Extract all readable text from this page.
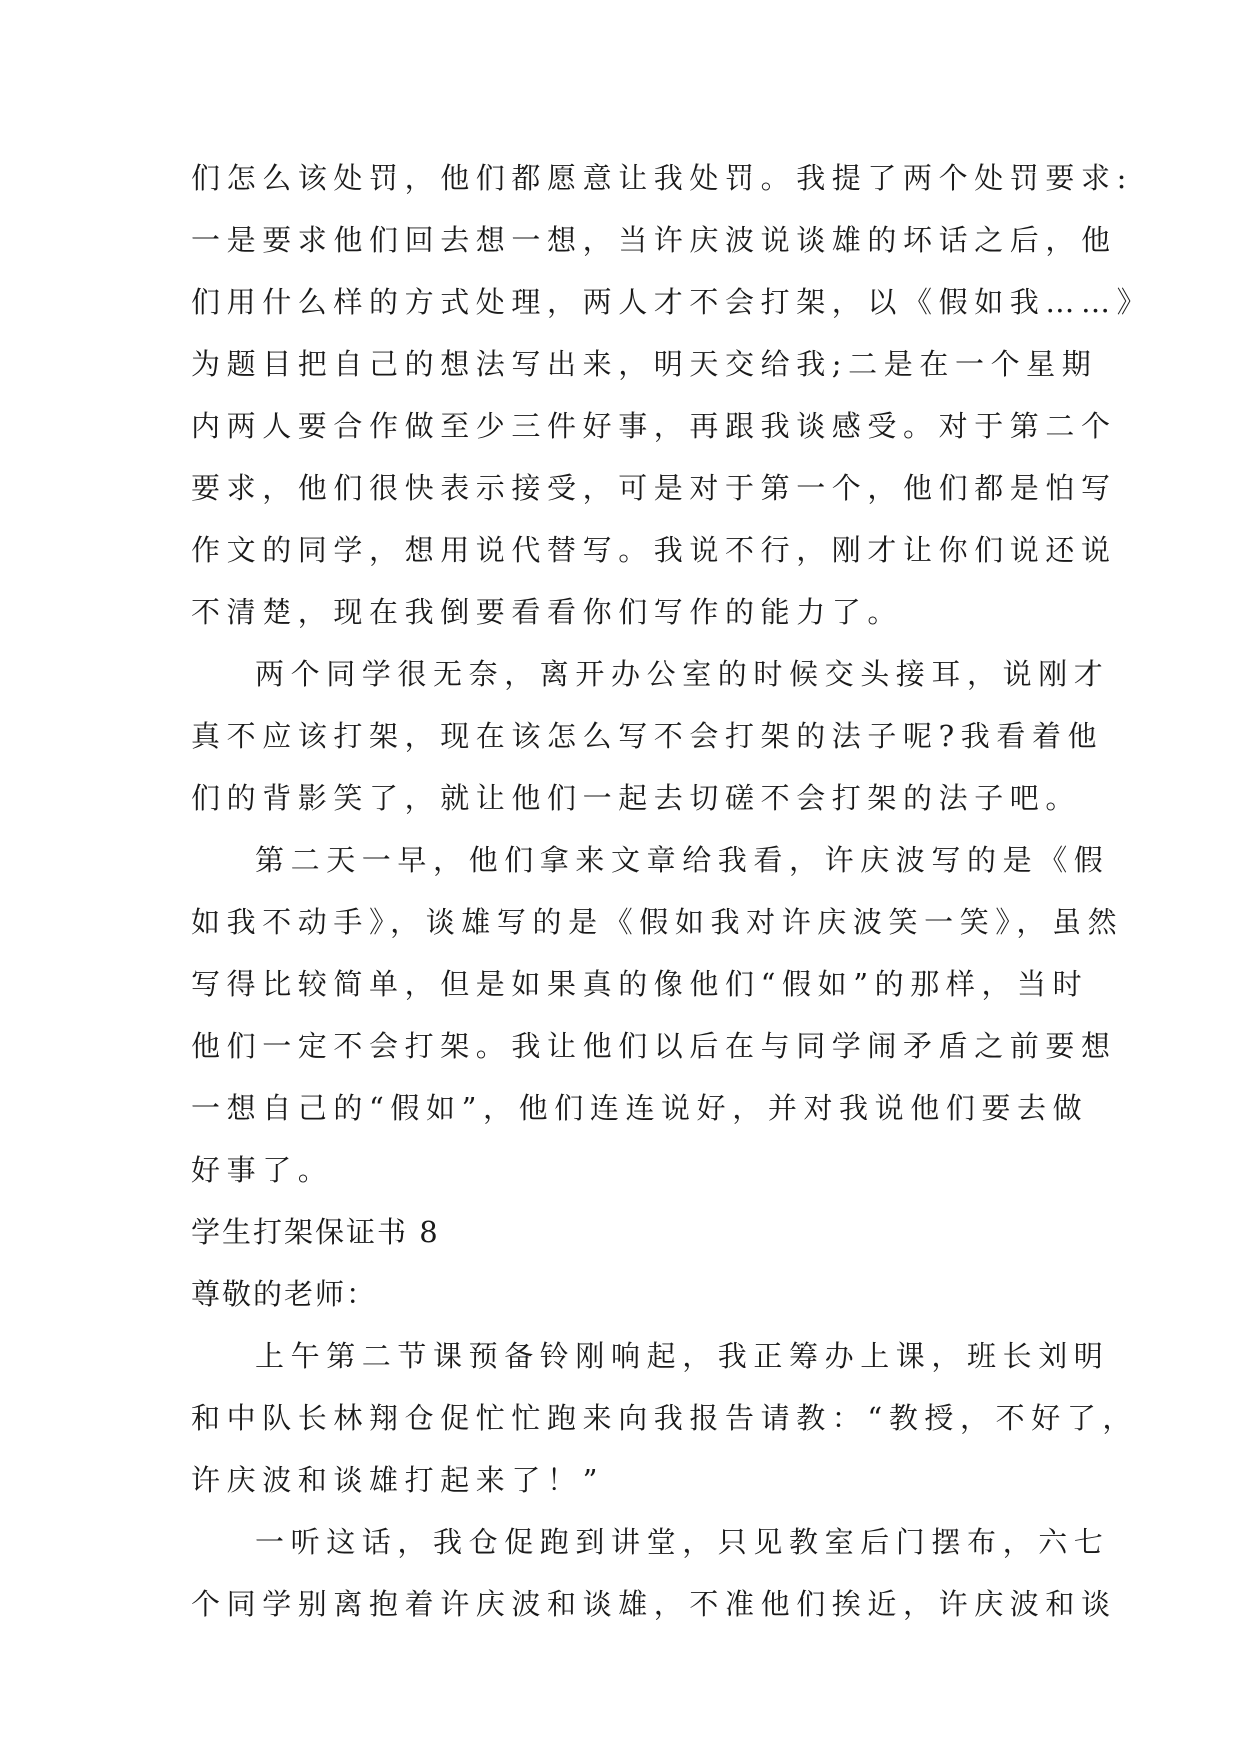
们怎么该处罚，他们都愿意让我处罚。我提了两个处罚要求:
一是要求他们回去想一想，当许庆波说谈雄的坏话之后，他
们用什么样的方式处理，两人才不会打架，以《假如我……》
为题目把自己的想法写出来，明天交给我;二是在一个星期
内两人要合作做至少三件好事，再跟我谈感受。对于第二个
要求，他们很快表示接受，可是对于第一个，他们都是怕写
作文的同学，想用说代替写。我说不行，刚才让你们说还说
不清楚，现在我倒要看看你们写作的能力了。
两个同学很无奈，离开办公室的时候交头接耳，说刚才
真不应该打架，现在该怎么写不会打架的法子呢?我看着他
们的背影笑了，就让他们一起去切磋不会打架的法子吧。
第二天一早，他们拿来文章给我看，许庆波写的是《假
如我不动手》，谈雄写的是《假如我对许庆波笑一笑》，虽然
写得比较简单，但是如果真的像他们“假如”的那样，当时
他们一定不会打架。我让他们以后在与同学闹矛盾之前要想
一想自己的“假如”，他们连连说好，并对我说他们要去做
好事了。
学生打架保证书 8
尊敬的老师：
上午第二节课预备铃刚响起，我正筹办上课，班长刘明
和中队长林翔仓促忙忙跑来向我报告请教：“教授，不好了，
许庆波和谈雄打起来了！”
一听这话，我仓促跑到讲堂，只见教室后门摆布，六七
个同学别离抱着许庆波和谈雄，不准他们挨近，许庆波和谈
